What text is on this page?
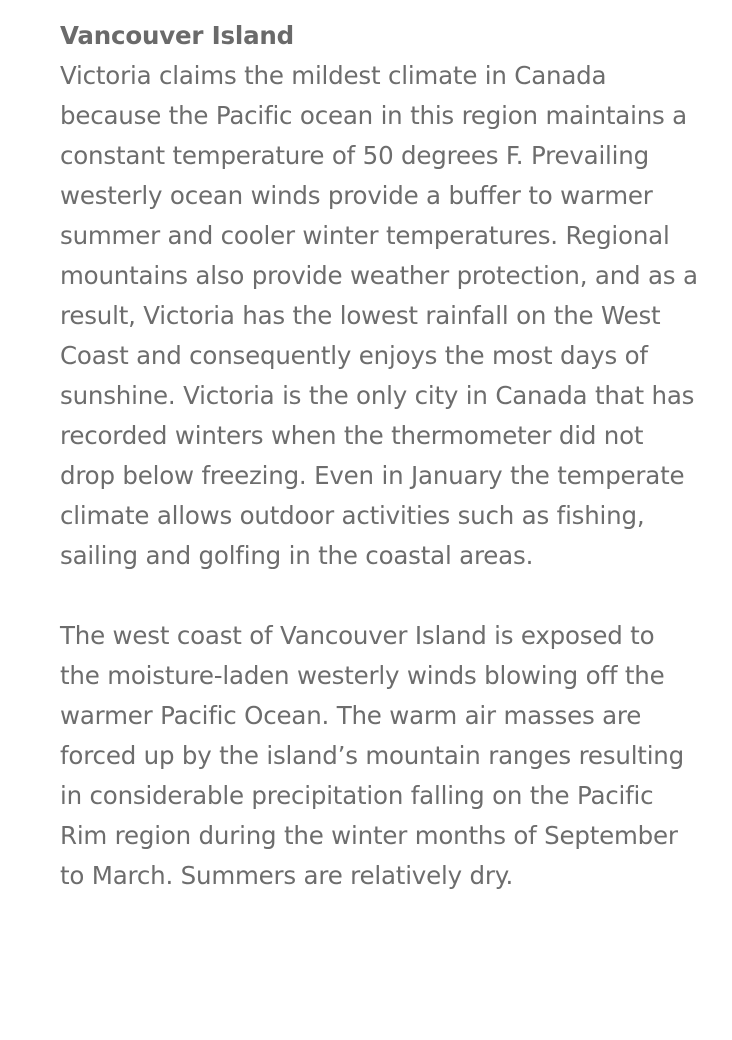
Vancouver Island

Victoria claims the mildest climate in Canada because the Pacific ocean in this region maintains a constant temperature of 50 degrees F. Prevailing westerly ocean winds provide a buffer to warmer summer and cooler winter temperatures. Regional mountains also provide weather protection, and as a result, Victoria has the lowest rainfall on the West Coast and consequently enjoys the most days of sunshine. Victoria is the only city in Canada that has recorded winters when the thermometer did not drop below freezing. Even in January the temperate climate allows outdoor activities such as fishing, sailing and golfing in the coastal areas.

The west coast of Vancouver Island is exposed to the moisture-laden westerly winds blowing off the warmer Pacific Ocean. The warm air masses are forced up by the island’s mountain ranges resulting in considerable precipitation falling on the Pacific Rim region during the winter months of September to March. Summers are relatively dry.
